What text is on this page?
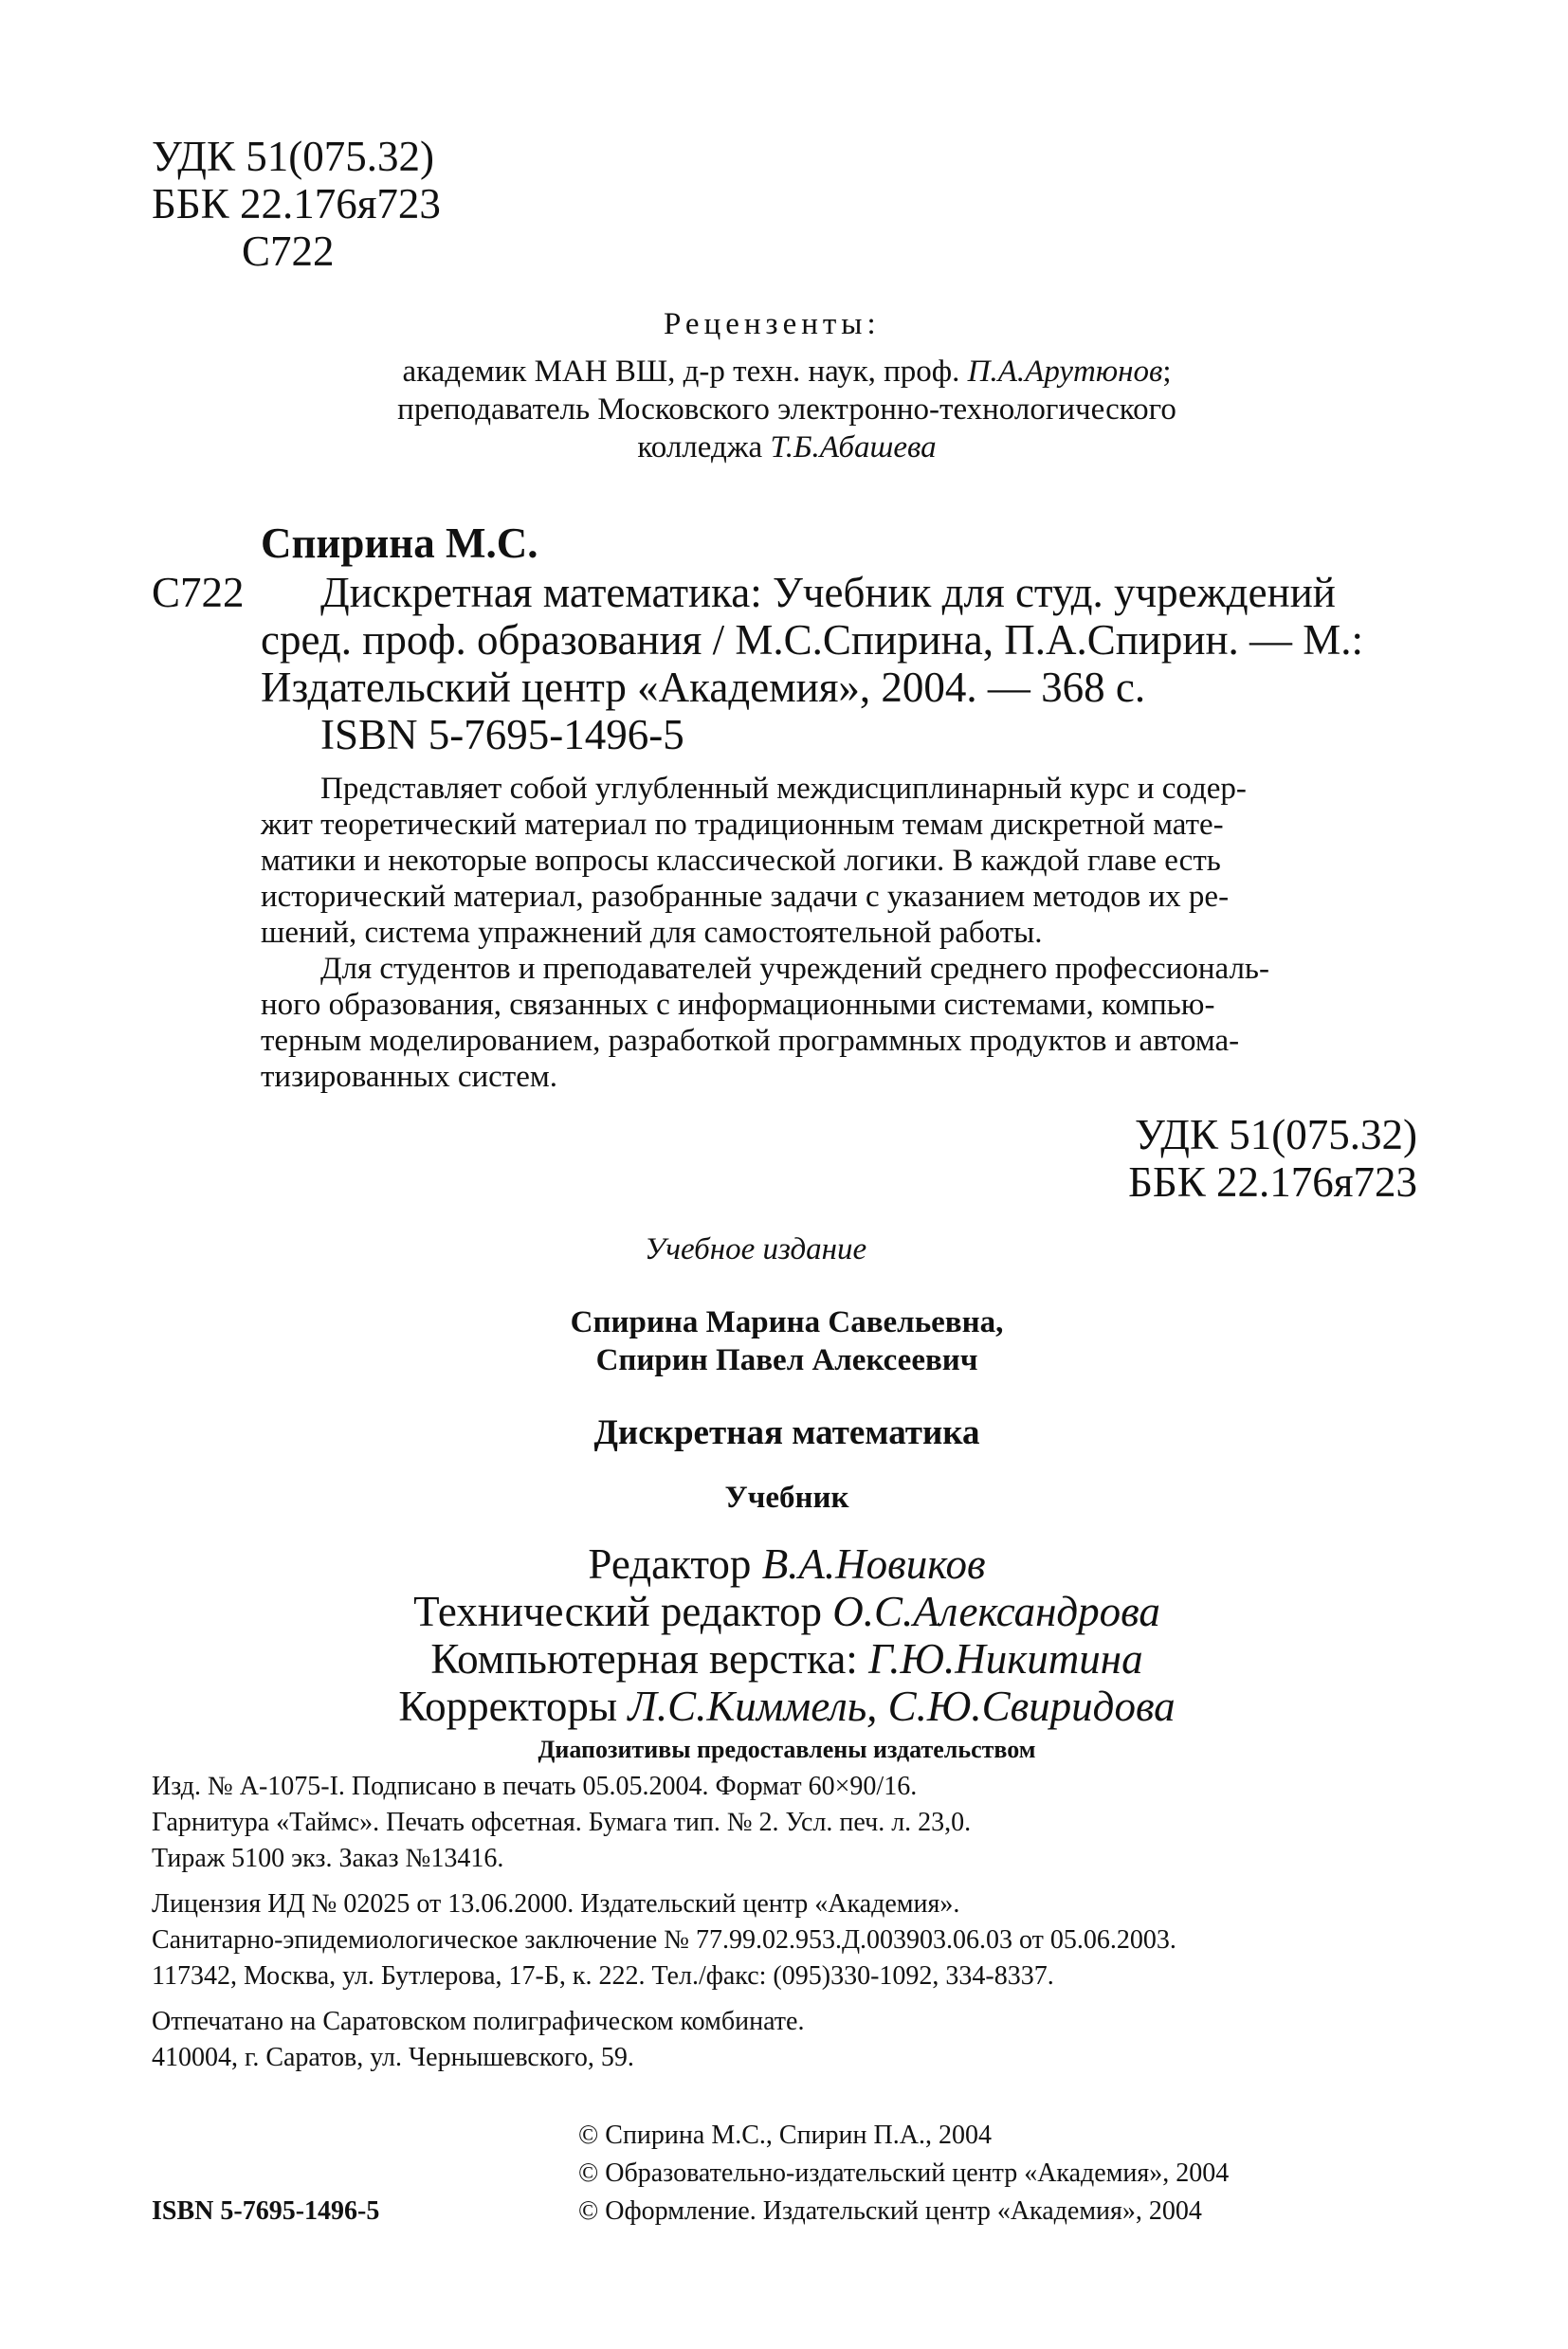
УДК 51(075.32)
ББК 22.176я723
С722
Рецензенты:
академик МАН ВШ, д-р техн. наук, проф. П.А.Арутюнов;
преподаватель Московского электронно-технологического
колледжа Т.Б.Абашева
Спирина М.С.
С722 Дискретная математика: Учебник для студ. учреждений
сред. проф. образования / М.С.Спирина, П.А.Спирин. — М.:
Издательский центр «Академия», 2004. — 368 с.
ISBN 5-7695-1496-5
Представляет собой углубленный междисциплинарный курс и содер-
жит теоретический материал по традиционным темам дискретной мате-
матики и некоторые вопросы классической логики. В каждой главе есть
исторический материал, разобранные задачи с указанием методов их ре-
шений, система упражнений для самостоятельной работы.
Для студентов и преподавателей учреждений среднего профессиональ-
ного образования, связанных с информационными системами, компью-
терным моделированием, разработкой программных продуктов и автома-
тизированных систем.
УДК 51(075.32)
ББК 22.176я723
Учебное издание
Спирина Марина Савельевна,
Спирин Павел Алексеевич
Дискретная математика
Учебник
Редактор В.А.Новиков
Технический редактор О.С.Александрова
Компьютерная верстка: Г.Ю.Никитина
Корректоры Л.С.Киммель, С.Ю.Свиридова
Диапозитивы предоставлены издательством
Изд. № А-1075-I. Подписано в печать 05.05.2004. Формат 60×90/16.
Гарнитура «Таймс». Печать офсетная. Бумага тип. № 2. Усл. печ. л. 23,0.
Тираж 5100 экз. Заказ №13416.
Лицензия ИД № 02025 от 13.06.2000. Издательский центр «Академия».
Санитарно-эпидемиологическое заключение № 77.99.02.953.Д.003903.06.03 от 05.06.2003.
117342, Москва, ул. Бутлерова, 17-Б, к. 222. Тел./факс: (095)330-1092, 334-8337.
Отпечатано на Саратовском полиграфическом комбинате.
410004, г. Саратов, ул. Чернышевского, 59.
© Спирина М.С., Спирин П.А., 2004
© Образовательно-издательский центр «Академия», 2004
© Оформление. Издательский центр «Академия», 2004
ISBN 5-7695-1496-5
